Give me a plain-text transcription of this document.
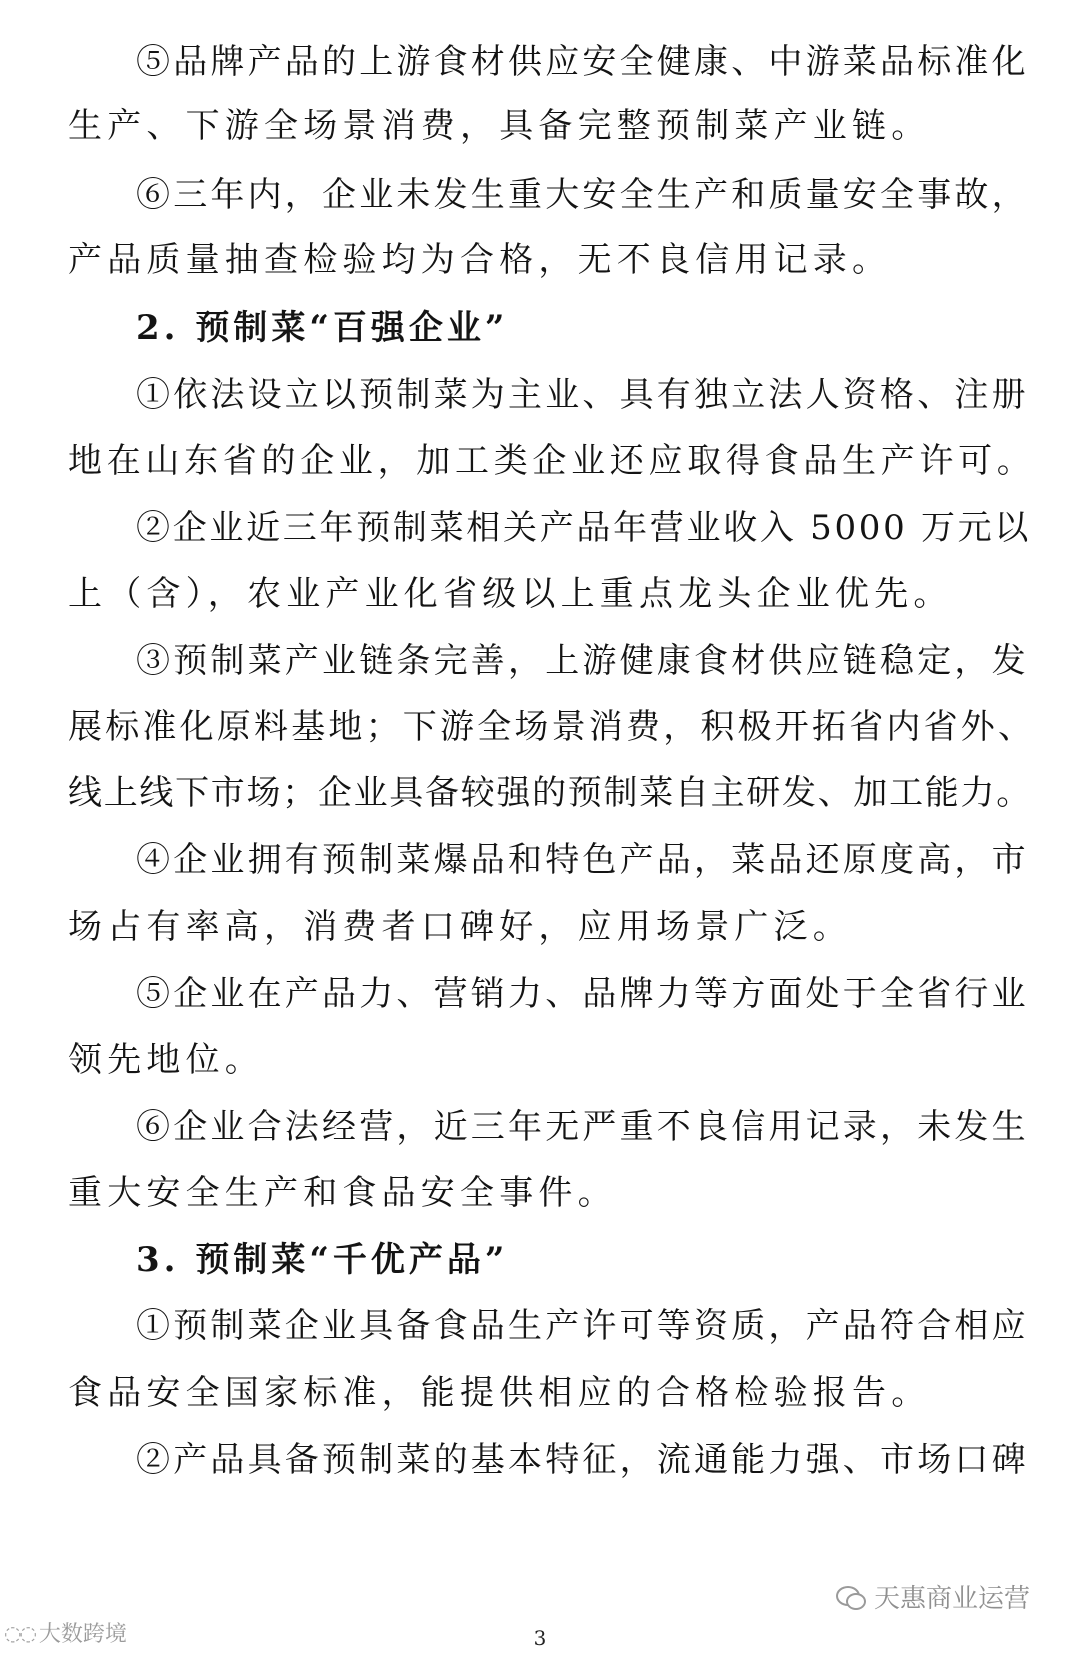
⑤品牌产品的上游食材供应安全健康、中游菜品标准化
生产、下游全场景消费，具备完整预制菜产业链。
⑥三年内，企业未发生重大安全生产和质量安全事故，
产品质量抽查检验均为合格，无不良信用记录。
2. 预制菜“百强企业”
①依法设立以预制菜为主业、具有独立法人资格、注册
地在山东省的企业，加工类企业还应取得食品生产许可。
②企业近三年预制菜相关产品年营业收入 5000 万元以
上（含），农业产业化省级以上重点龙头企业优先。
③预制菜产业链条完善，上游健康食材供应链稳定，发
展标准化原料基地；下游全场景消费，积极开拓省内省外、
线上线下市场；企业具备较强的预制菜自主研发、加工能力。
④企业拥有预制菜爆品和特色产品，菜品还原度高，市
场占有率高，消费者口碑好，应用场景广泛。
⑤企业在产品力、营销力、品牌力等方面处于全省行业
领先地位。
⑥企业合法经营，近三年无严重不良信用记录，未发生
重大安全生产和食品安全事件。
3. 预制菜“千优产品”
①预制菜企业具备食品生产许可等资质，产品符合相应
食品安全国家标准，能提供相应的合格检验报告。
②产品具备预制菜的基本特征，流通能力强、市场口碑
天惠商业运营
◌◌ 大数跨境	3
